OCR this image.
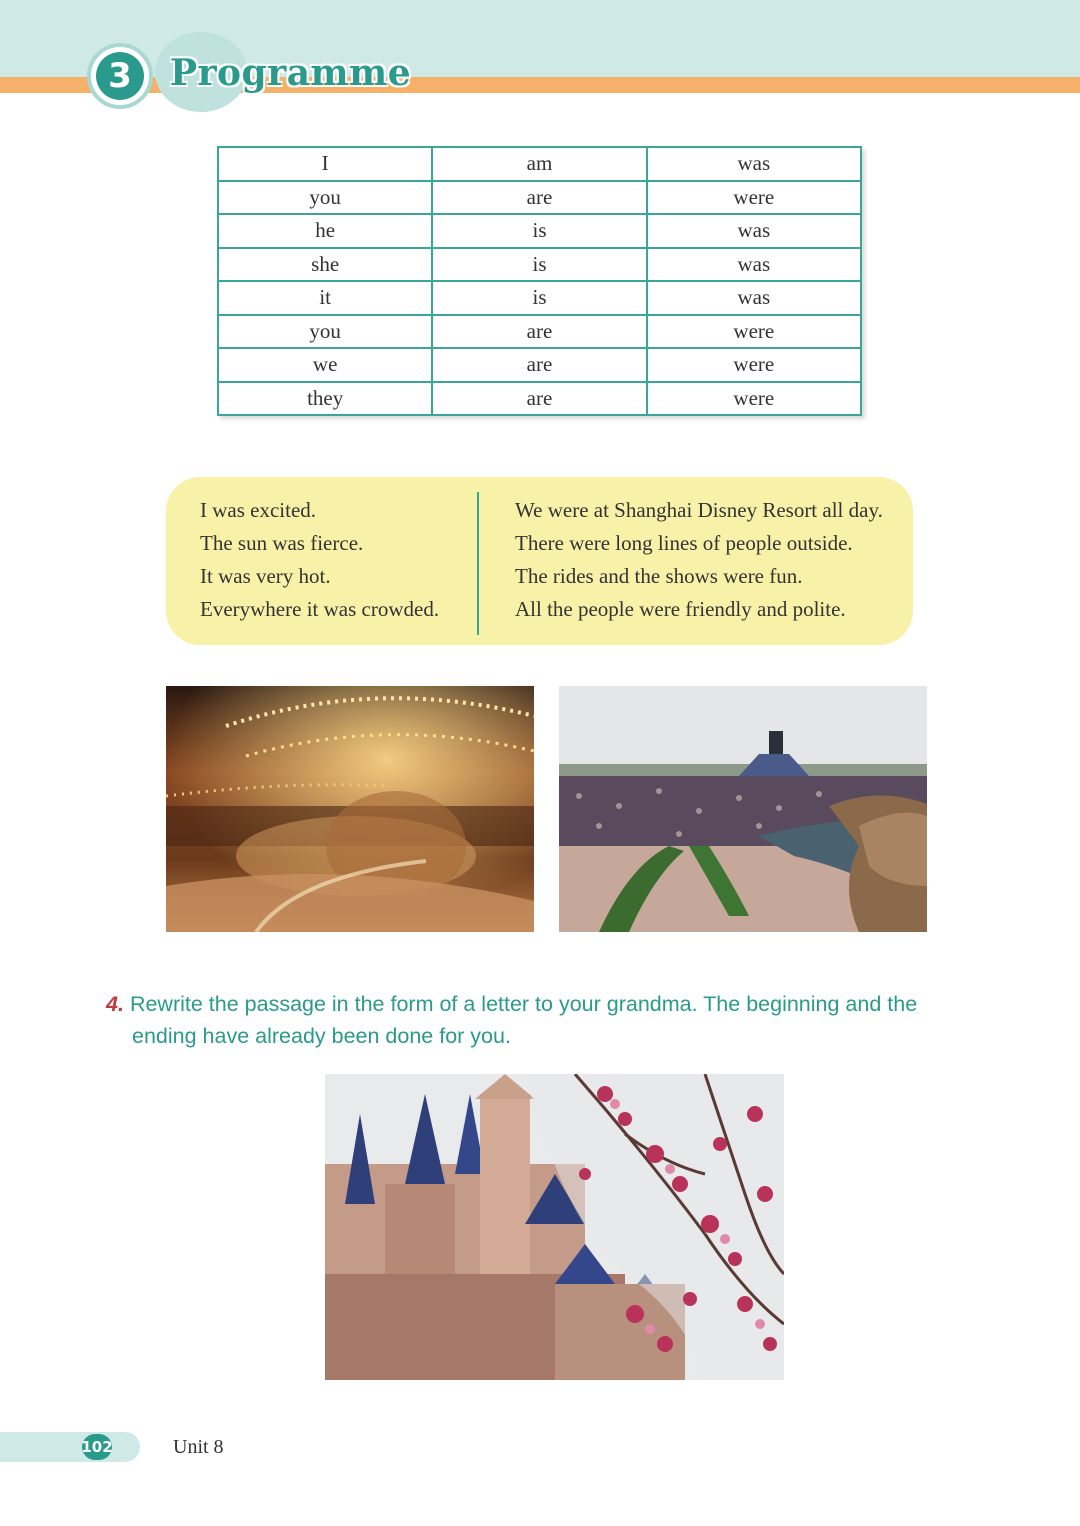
3	Programme
I	am	was
you	are	were
he	is	was
she	is	was
it	is	was
you	are	were
we	are	were
they	are	were
I was excited.
The sun was fierce.
It was very hot.
Everywhere it was crowded.
We were at Shanghai Disney Resort all day.
There were long lines of people outside.
The rides and the shows were fun.
All the people were friendly and polite.
4. Rewrite the passage in the form of a letter to your grandma. The beginning and the
ending have already been done for you.
102	Unit 8
